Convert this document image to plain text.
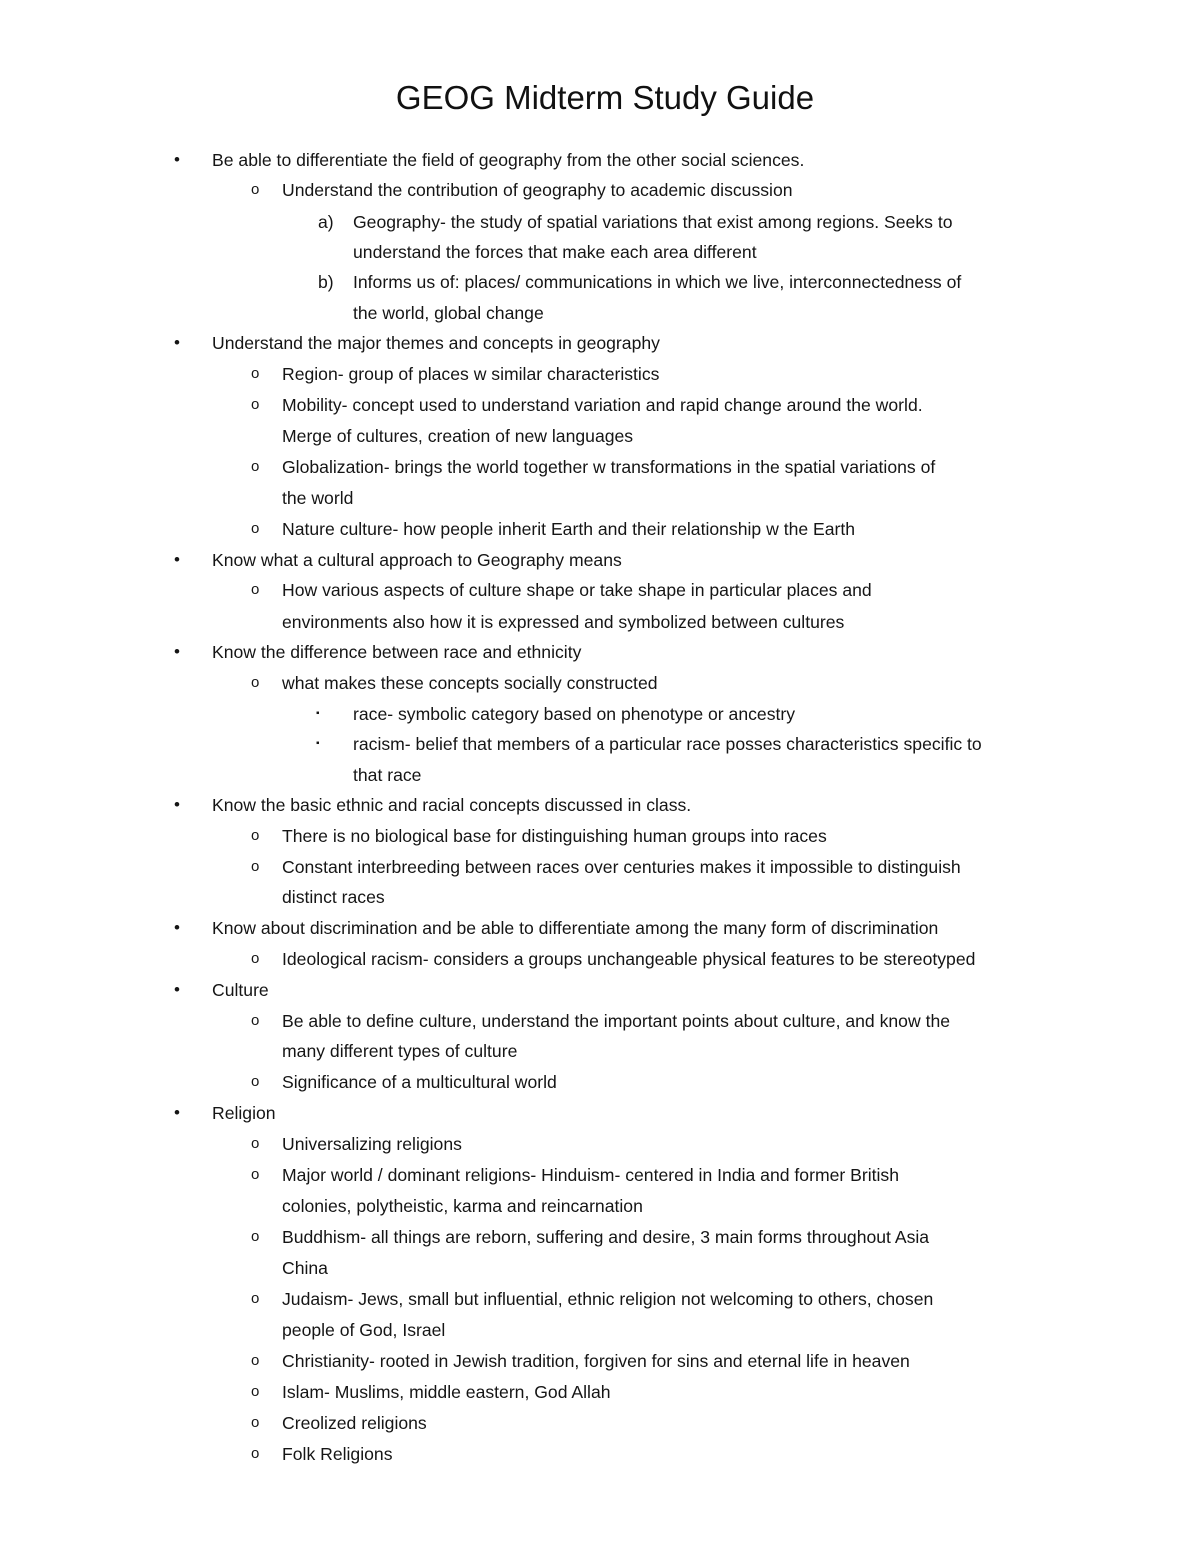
GEOG Midterm Study Guide
• Be able to differentiate the field of geography from the other social sciences.
o Understand the contribution of geography to academic discussion
a) Geography- the study of spatial variations that exist among regions. Seeks to
understand the forces that make each area different
b) Informs us of: places/ communications in which we live, interconnectedness of
the world, global change
• Understand the major themes and concepts in geography
o Region- group of places w similar characteristics
o Mobility- concept used to understand variation and rapid change around the world.
Merge of cultures, creation of new languages
o Globalization- brings the world together w transformations in the spatial variations of
the world
o Nature culture- how people inherit Earth and their relationship w the Earth
• Know what a cultural approach to Geography means
o How various aspects of culture shape or take shape in particular places and
environments also how it is expressed and symbolized between cultures
• Know the difference between race and ethnicity
o what makes these concepts socially constructed
▪ race- symbolic category based on phenotype or ancestry
▪ racism- belief that members of a particular race posses characteristics specific to
that race
• Know the basic ethnic and racial concepts discussed in class.
o There is no biological base for distinguishing human groups into races
o Constant interbreeding between races over centuries makes it impossible to distinguish
distinct races
• Know about discrimination and be able to differentiate among the many form of discrimination
o Ideological racism- considers a groups unchangeable physical features to be stereotyped
• Culture
o Be able to define culture, understand the important points about culture, and know the
many different types of culture
o Significance of a multicultural world
• Religion
o Universalizing religions
o Major world / dominant religions- Hinduism- centered in India and former British
colonies, polytheistic, karma and reincarnation
o Buddhism- all things are reborn, suffering and desire, 3 main forms throughout Asia
China
o Judaism- Jews, small but influential, ethnic religion not welcoming to others, chosen
people of God, Israel
o Christianity- rooted in Jewish tradition, forgiven for sins and eternal life in heaven
o Islam- Muslims, middle eastern, God Allah
o Creolized religions
o Folk Religions
